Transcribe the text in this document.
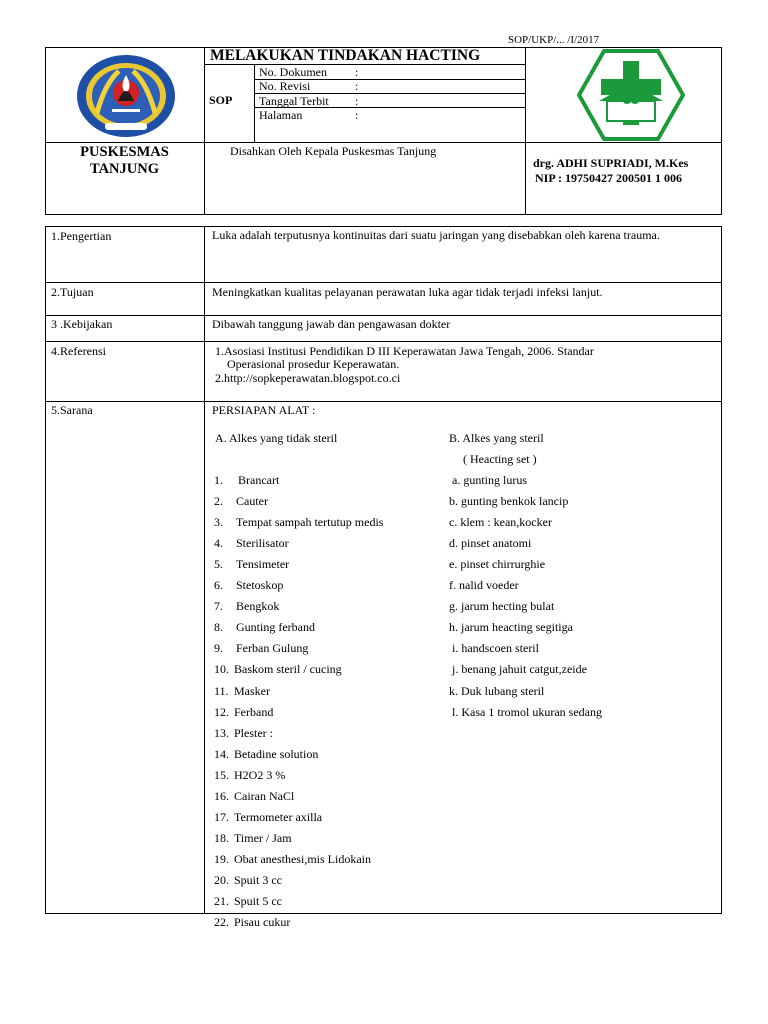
SOP/UKP/... /I/2017
MELAKUKAN TINDAKAN HACTING
SOP
No. Dokumen :
No. Revisi	:
Tanggal Terbit :
Halaman	:
PUSKESMAS
TANJUNG
Disahkan Oleh Kepala Puskesmas Tanjung
drg. ADHI SUPRIADI, M.Kes
NIP : 19750427 200501 1 006
1.Pengertian	Luka adalah terputusnya kontinuitas dari suatu jaringan yang disebabkan oleh karena trauma.
2.Tujuan	Meningkatkan kualitas pelayanan perawatan luka agar tidak terjadi infeksi lanjut.
3 .Kebijakan	Dibawah tanggung jawab dan pengawasan dokter
4.Referensi	1.Asosiasi Institusi Pendidikan D III Keperawatan Jawa Tengah, 2006. Standar
Operasional prosedur Keperawatan.
2.http://sopkeperawatan.blogspot.co.ci
5.Sarana	PERSIAPAN ALAT :
A. Alkes yang tidak steril	B. Alkes yang steril
( Heacting set )
1. Brancart
2. Cauter
3. Tempat sampah tertutup medis
4. Sterilisator
5. Tensimeter
6. Stetoskop
7. Bengkok
8. Gunting ferband
9. Ferban Gulung
10. Baskom steril / cucing
11. Masker
12. Ferband
13. Plester :
14. Betadine solution
15. H2O2 3 %
16. Cairan NaCl
17. Termometer axilla
18. Timer / Jam
19. Obat anesthesi,mis Lidokain
20. Spuit 3 cc
21. Spuit 5 cc
22. Pisau cukur
a. gunting lurus
b. gunting benkok lancip
c. klem : kean,kocker
d. pinset anatomi
e. pinset chirrurghie
f. nalid voeder
g. jarum hecting bulat
h. jarum heacting segitiga
i. handscoen steril
j. benang jahuit catgut,zeide
k. Duk lubang steril
l. Kasa 1 tromol ukuran sedang
